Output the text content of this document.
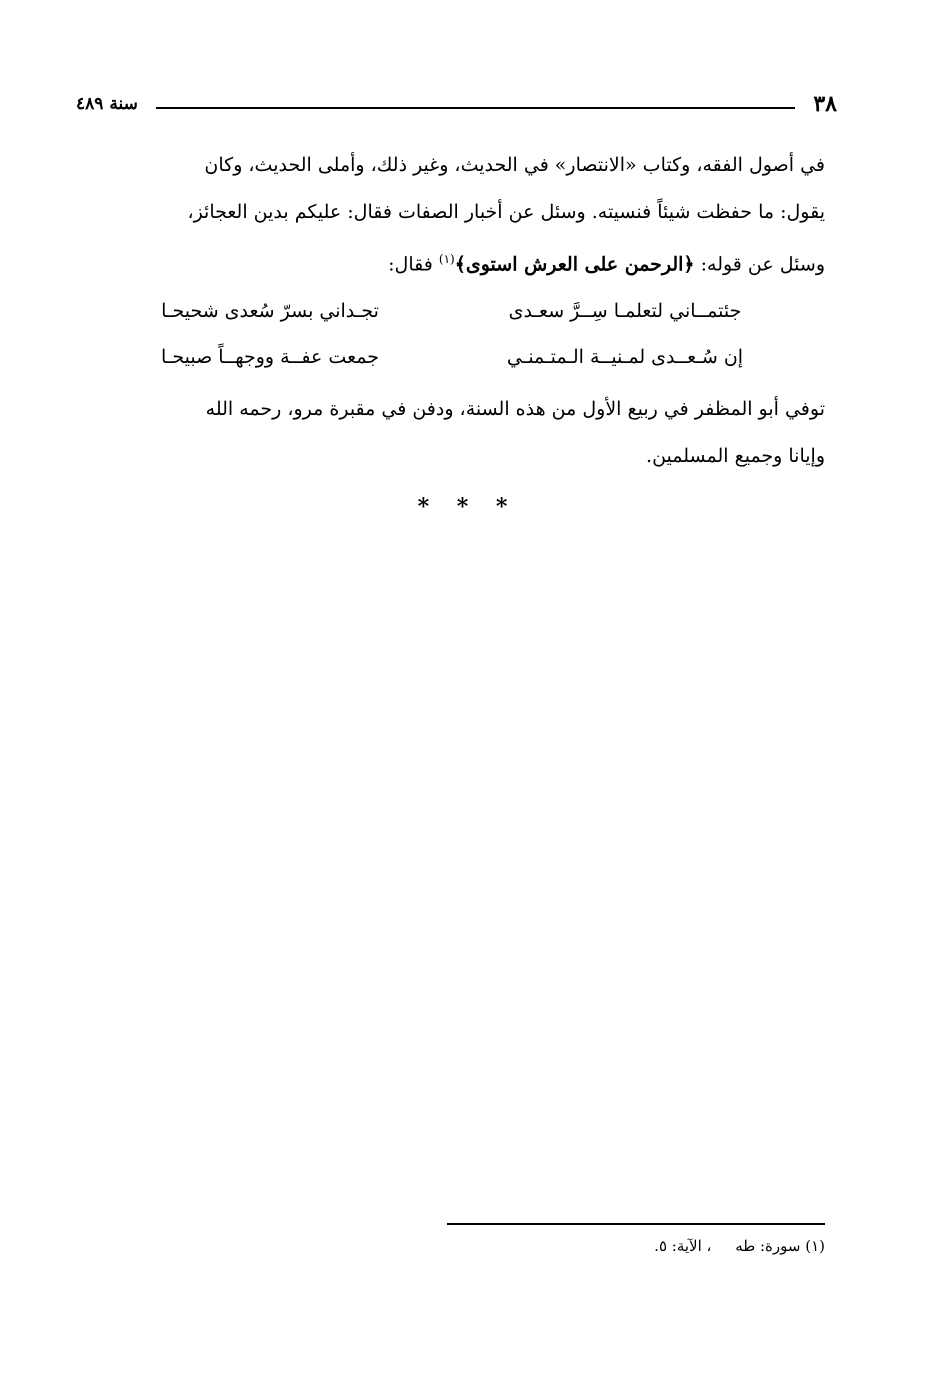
٣٨
سنة ٤٨٩

في أصول الفقه، وكتاب «الانتصار» في الحديث، وغير ذلك، وأملى الحديث، وكان

يقول: ما حفظت شيئاً فنسيته. وسئل عن أخبار الصفات فقال: عليكم بدين العجائز،

وسئل عن قوله: ﴿الرحمن على العرش استوى﴾$^{(١)}$ فقال:

جئتمــاني لتعلمـا سِــرَّ سعـدى
تجـداني بسرّ سُعدى شحيحـا
إن سُـعــدى لمـنيــة الـمتـمنـي
جمعت عفــة ووجهــاً صبيحـا

توفي أبو المظفر في ربيع الأول من هذه السنة، ودفن في مقبرة مرو، رحمه الله

وإيانا وجميع المسلمين.

* * *
(١) سورة: طه     ، الآية: ٥.
